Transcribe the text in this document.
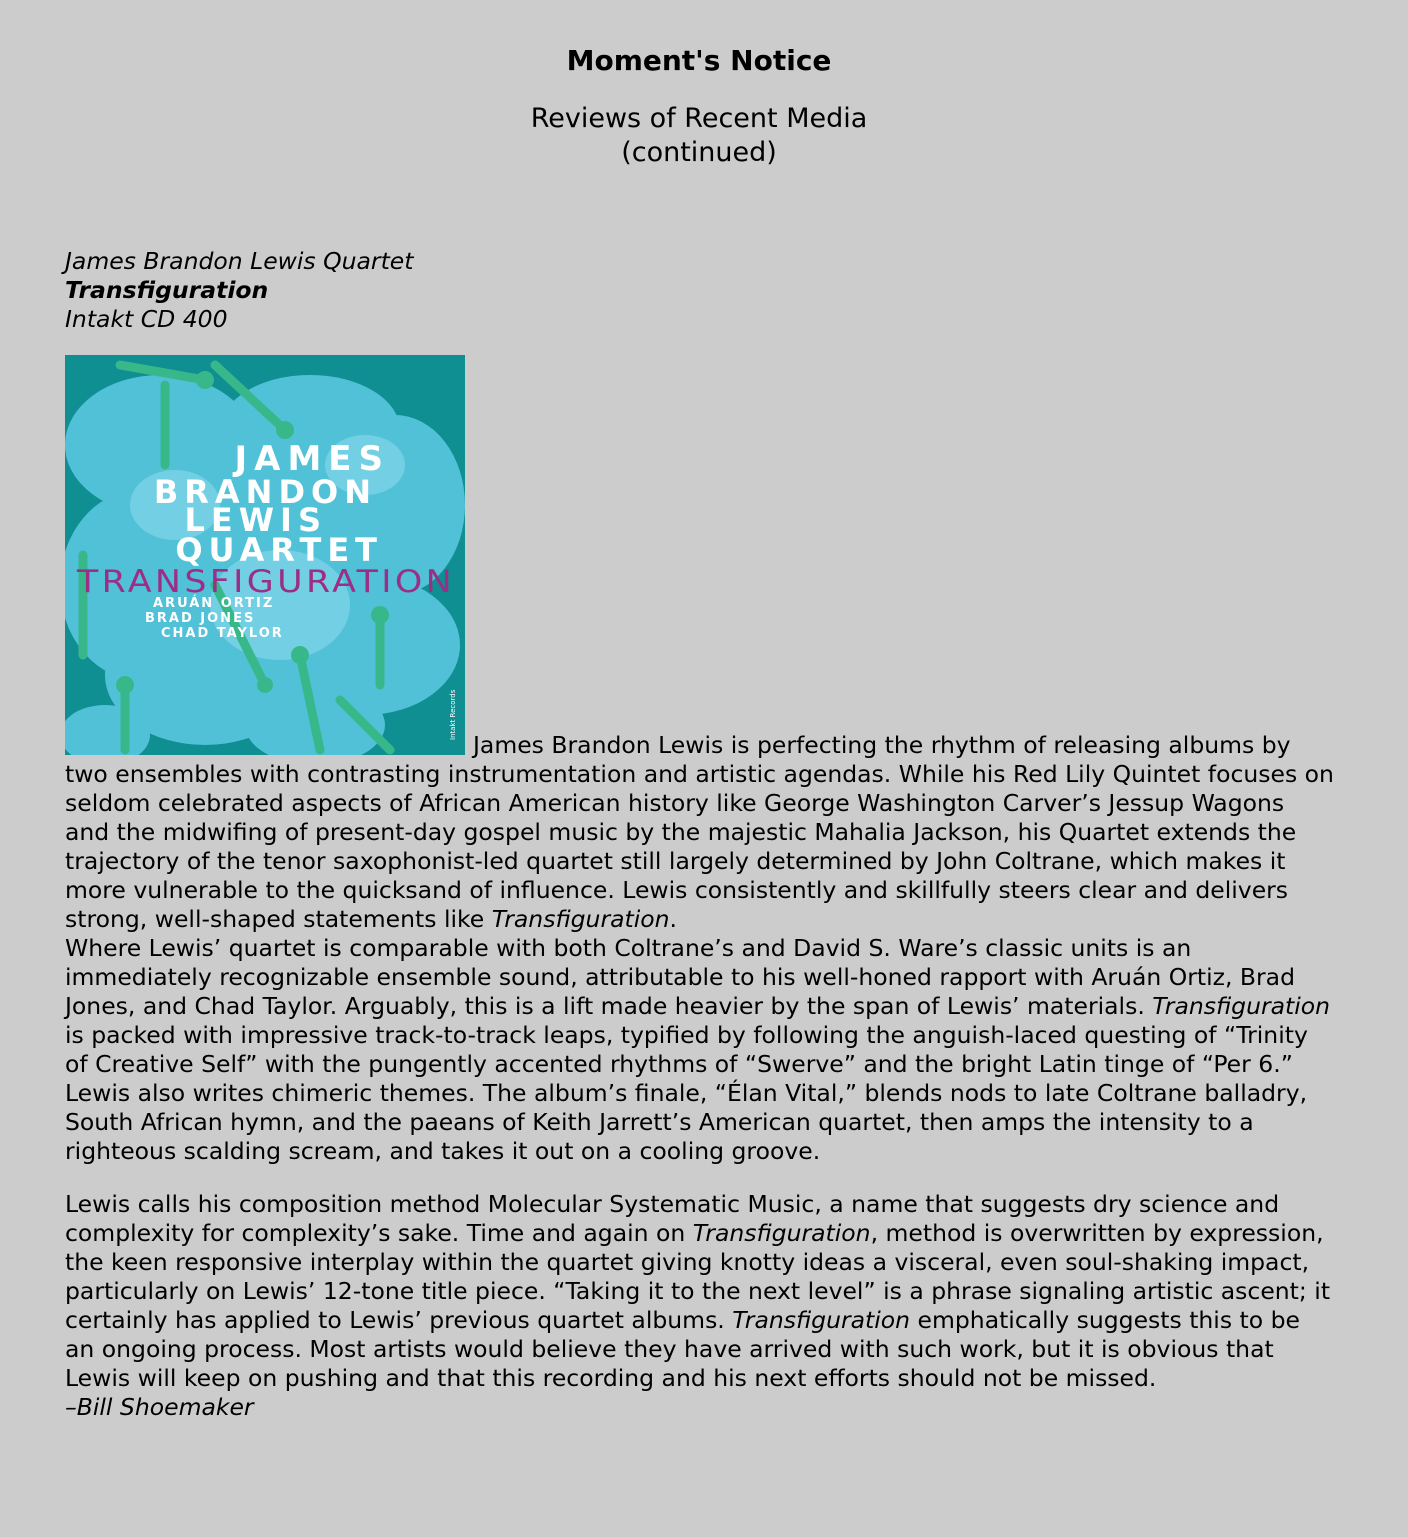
Moment's Notice
Reviews of Recent Media
(continued)
James Brandon Lewis Quartet
Transfiguration
Intakt CD 400
JAMES
BRANDON
LEWIS
QUARTET
TRANSFIGURATION
ARUÁN ORTIZ
BRAD JONES
CHAD TAYLOR
Intakt Records

James Brandon Lewis is perfecting the rhythm of releasing albums by two ensembles with contrasting instrumentation and artistic agendas. While his Red Lily Quintet focuses on seldom celebrated aspects of African American history like George Washington Carver’s Jessup Wagons and the midwifing of present-day gospel music by the majestic Mahalia Jackson, his Quartet extends the trajectory of the tenor saxophonist-led quartet still largely determined by John Coltrane, which makes it more vulnerable to the quicksand of influence. Lewis consistently and skillfully steers clear and delivers strong, well-shaped statements like Transfiguration.

Where Lewis’ quartet is comparable with both Coltrane’s and David S. Ware’s classic units is an immediately recognizable ensemble sound, attributable to his well-honed rapport with Aruán Ortiz, Brad Jones, and Chad Taylor. Arguably, this is a lift made heavier by the span of Lewis’ materials. Transfiguration is packed with impressive track-to-track leaps, typified by following the anguish-laced questing of “Trinity of Creative Self” with the pungently accented rhythms of “Swerve” and the bright Latin tinge of “Per 6.” Lewis also writes chimeric themes. The album’s finale, “Élan Vital,” blends nods to late Coltrane balladry, South African hymn, and the paeans of Keith Jarrett’s American quartet, then amps the intensity to a righteous scalding scream, and takes it out on a cooling groove.

Lewis calls his composition method Molecular Systematic Music, a name that suggests dry science and complexity for complexity’s sake. Time and again on Transfiguration, method is overwritten by expression, the keen responsive interplay within the quartet giving knotty ideas a visceral, even soul-shaking impact, particularly on Lewis’ 12-tone title piece. “Taking it to the next level” is a phrase signaling artistic ascent; it certainly has applied to Lewis’ previous quartet albums. Transfiguration emphatically suggests this to be an ongoing process. Most artists would believe they have arrived with such work, but it is obvious that Lewis will keep on pushing and that this recording and his next efforts should not be missed.

–Bill Shoemaker
